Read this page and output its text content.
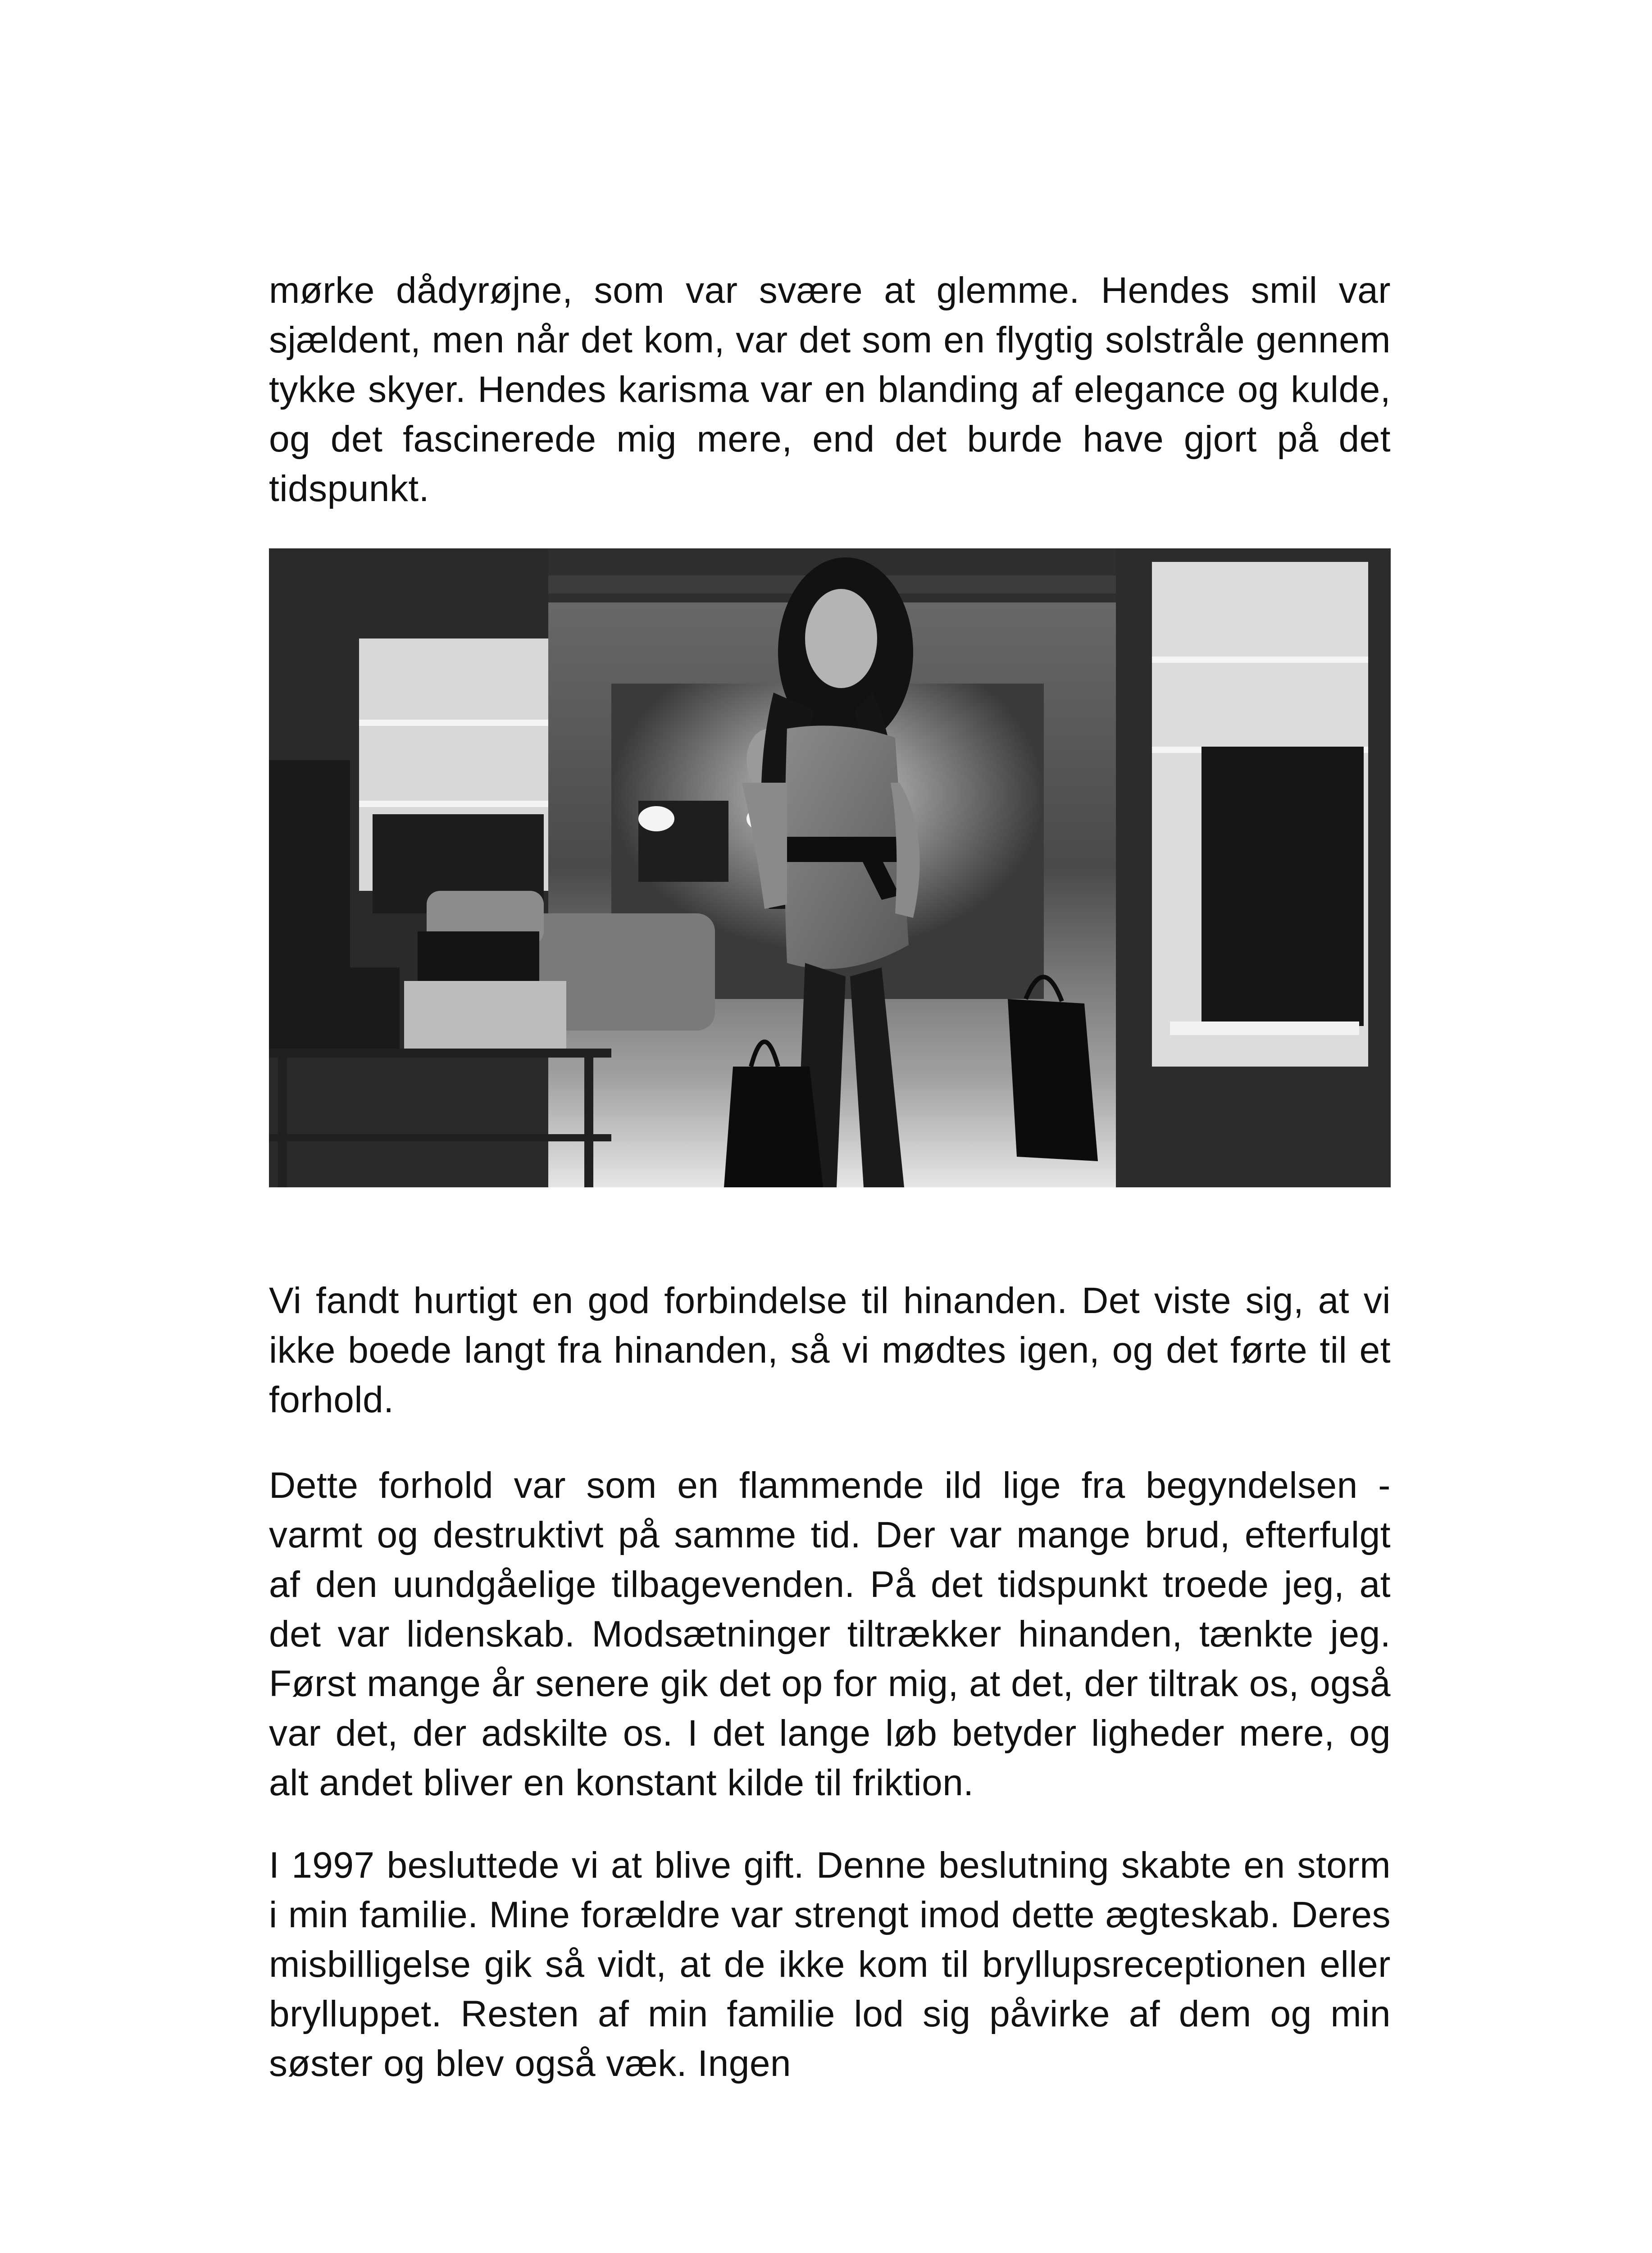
mørke dådyrøjne, som var svære at glemme. Hendes smil var sjældent, men når det kom, var det som en flygtig solstråle gennem tykke skyer. Hendes karisma var en blanding af elegance og kulde, og det fascinerede mig mere, end det burde have gjort på det tidspunkt.

Vi fandt hurtigt en god forbindelse til hinanden. Det viste sig, at vi ikke boede langt fra hinanden, så vi mødtes igen, og det førte til et forhold.

Dette forhold var som en flammende ild lige fra begyndelsen - varmt og destruktivt på samme tid. Der var mange brud, efterfulgt af den uundgåelige tilbagevenden. På det tidspunkt troede jeg, at det var lidenskab. Modsætninger tiltrækker hinanden, tænkte jeg. Først mange år senere gik det op for mig, at det, der tiltrak os, også var det, der adskilte os. I det lange løb betyder ligheder mere, og alt andet bliver en konstant kilde til friktion.

I 1997 besluttede vi at blive gift. Denne beslutning skabte en storm i min familie. Mine forældre var strengt imod dette ægteskab. Deres misbilligelse gik så vidt, at de ikke kom til bryllupsreceptionen eller brylluppet. Resten af min familie lod sig påvirke af dem og min søster og blev også væk. Ingen
